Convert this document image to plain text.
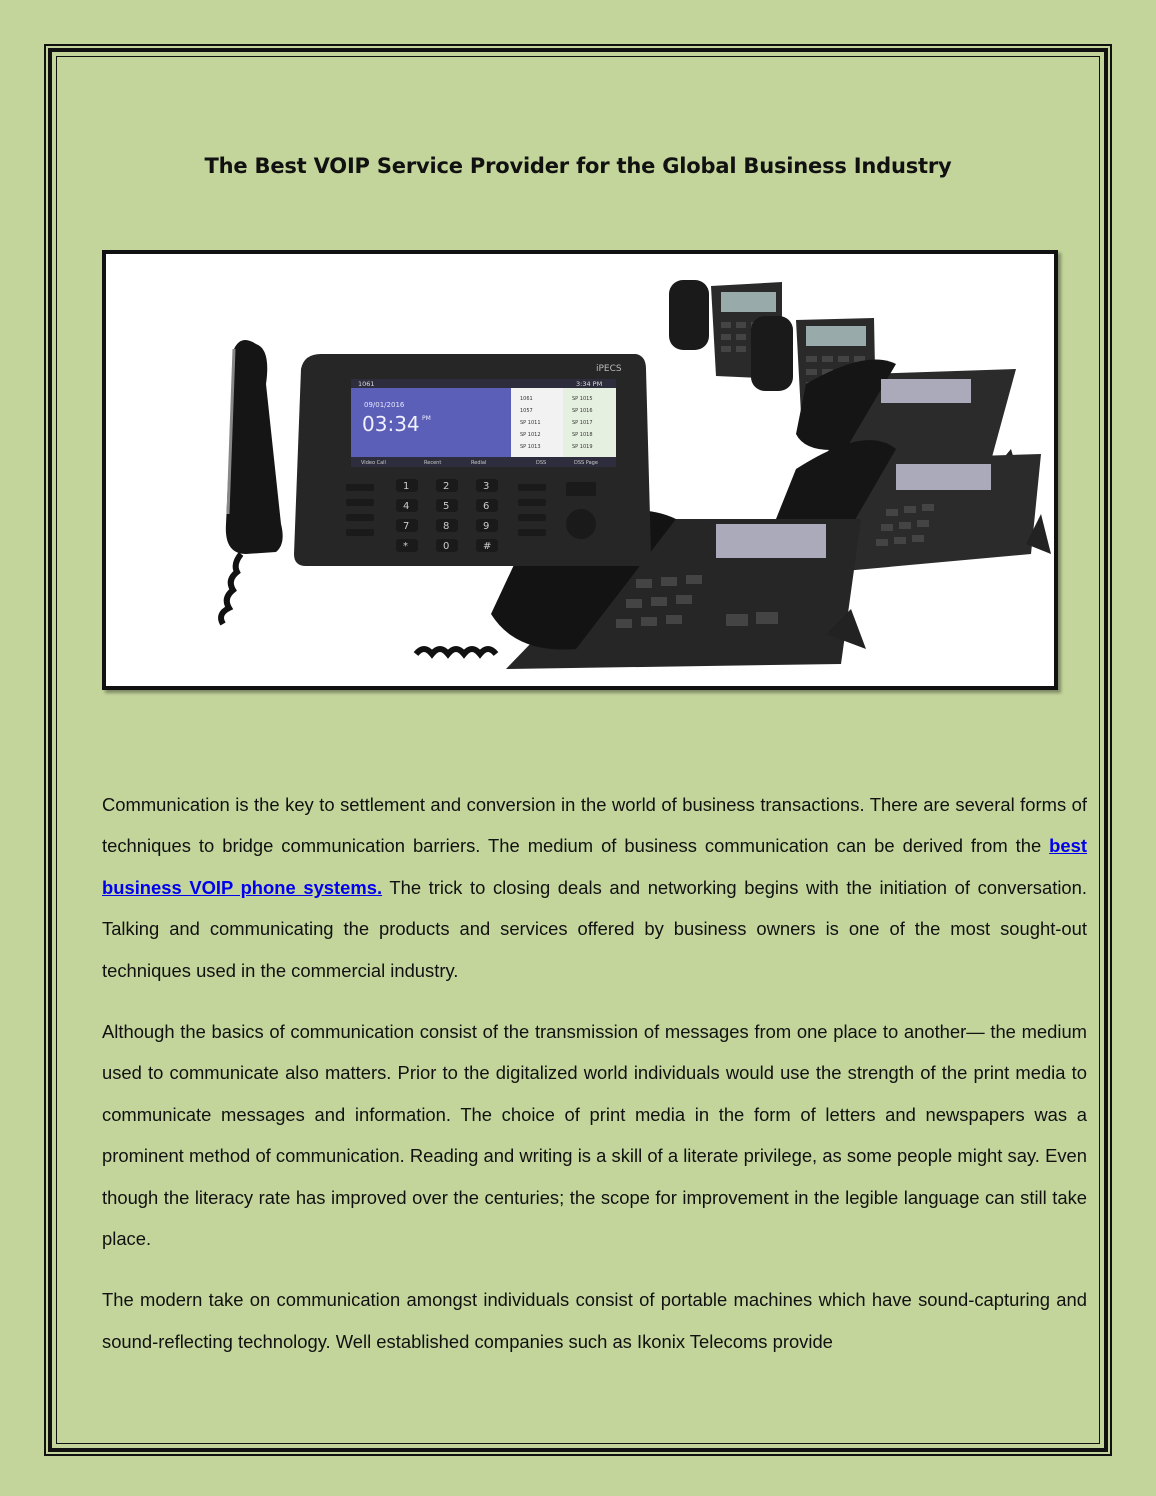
The Best VOIP Service Provider for the Global Business Industry
iPECS
1061	3:34 PM
09/01/2016
03:34 PM
1061
1057
SP 1011
SP 1012
SP 1013
SP 1015
SP 1016
SP 1017
SP 1018
SP 1019
Video Call	Recent	Redial	DSS	DSS Page
1	2	3
4	5	6
7	8	9
*	0	#

Communication is the key to settlement and conversion in the world of business transactions. There are several forms of techniques to bridge communication barriers. The medium of business communication can be derived from the best business VOIP phone systems. The trick to closing deals and networking begins with the initiation of conversation. Talking and communicating the products and services offered by business owners is one of the most sought-out techniques used in the commercial industry.

Although the basics of communication consist of the transmission of messages from one place to another— the medium used to communicate also matters. Prior to the digitalized world individuals would use the strength of the print media to communicate messages and information. The choice of print media in the form of letters and newspapers was a prominent method of communication. Reading and writing is a skill of a literate privilege, as some people might say. Even though the literacy rate has improved over the centuries; the scope for improvement in the legible language can still take place.

The modern take on communication amongst individuals consist of portable machines which have sound-capturing and sound-reflecting technology. Well established companies such as Ikonix Telecoms provide
